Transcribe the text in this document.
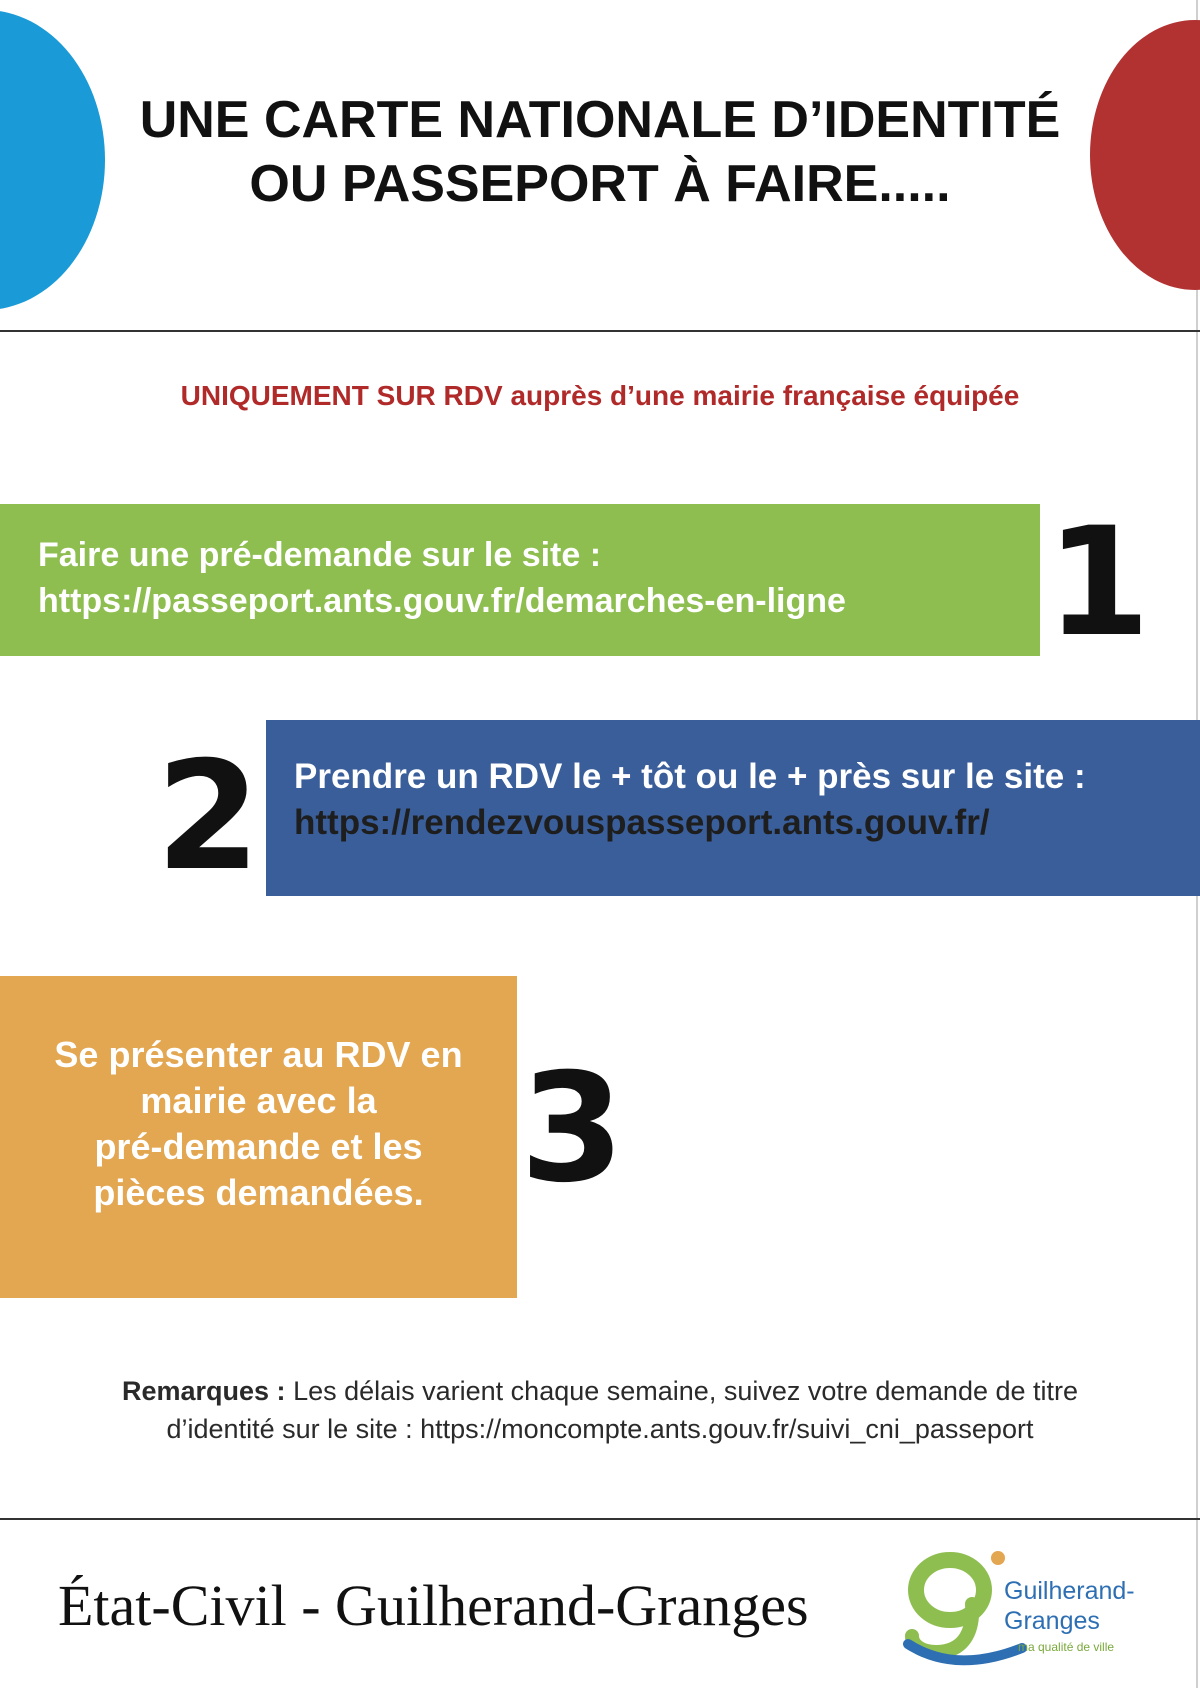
UNE CARTE NATIONALE D’IDENTITÉ
OU PASSEPORT À FAIRE.....
UNIQUEMENT SUR RDV auprès d’une mairie française équipée
Faire une pré-demande sur le site :
https://passeport.ants.gouv.fr/demarches-en-ligne	1
2 Prendre un RDV le + tôt ou le + près sur le site :
https://rendezvouspasseport.ants.gouv.fr/
Se présenter au RDV en
mairie avec la
pré-demande et les
pièces demandées. 3
Remarques : Les délais varient chaque semaine, suivez votre demande de titre
d’identité sur le site : https://moncompte.ants.gouv.fr/suivi_cni_passeport
État-Civil - Guilherand-Granges	Guilherand-
Granges
ma qualité de ville
